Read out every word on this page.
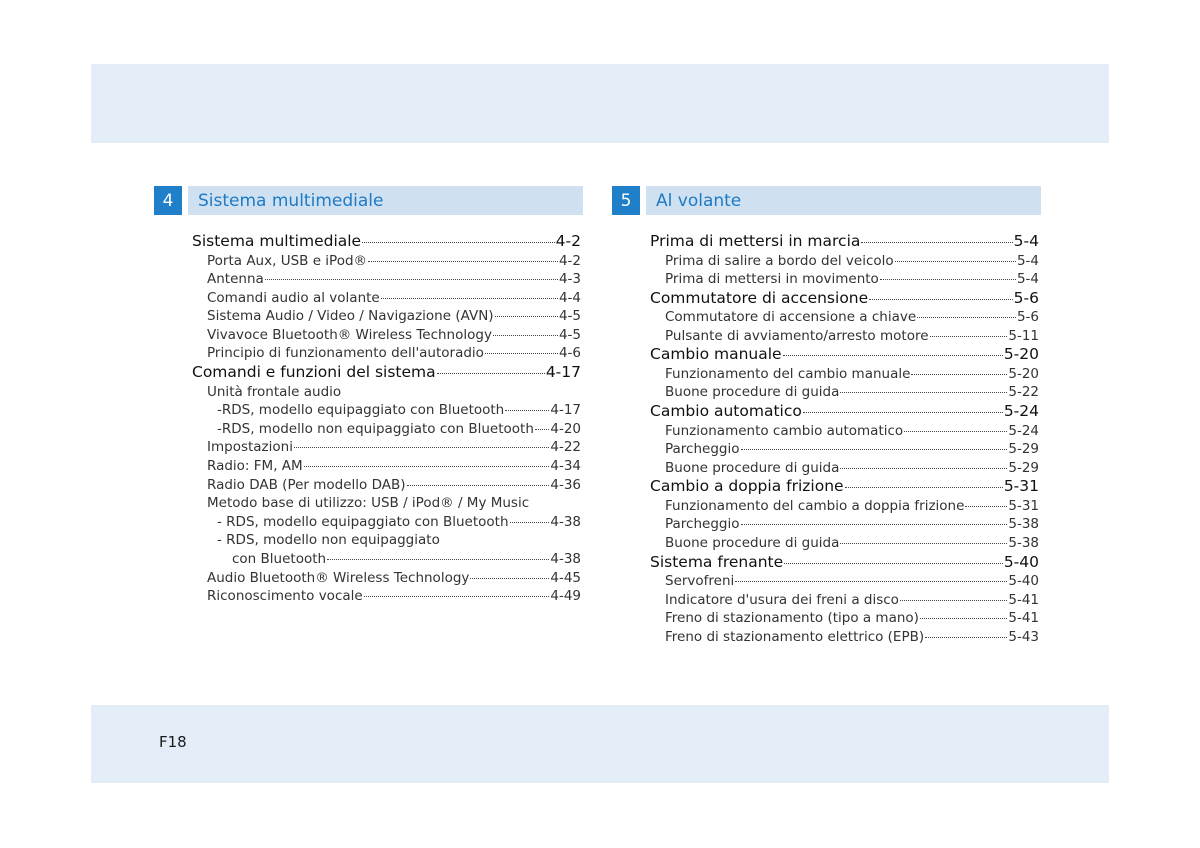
4	Sistema multimediale
Sistema multimediale	4-2
Porta Aux, USB e iPod®	4-2
Antenna	4-3
Comandi audio al volante	4-4
Sistema Audio / Video / Navigazione (AVN)	4-5
Vivavoce Bluetooth® Wireless Technology	4-5
Principio di funzionamento dell'autoradio	4-6
Comandi e funzioni del sistema	4-17
Unità frontale audio
-RDS, modello equipaggiato con Bluetooth	4-17
-RDS, modello non equipaggiato con Bluetooth 4-20
Impostazioni	4-22
Radio: FM, AM	4-34
Radio DAB (Per modello DAB)	4-36
Metodo base di utilizzo: USB / iPod® / My Music
- RDS, modello equipaggiato con Bluetooth	4-38
- RDS, modello non equipaggiato
con Bluetooth	4-38
Audio Bluetooth® Wireless Technology	4-45
Riconoscimento vocale	4-49
5	Al volante
Prima di mettersi in marcia	5-4
Prima di salire a bordo del veicolo	5-4
Prima di mettersi in movimento	5-4
Commutatore di accensione	5-6
Commutatore di accensione a chiave	5-6
Pulsante di avviamento/arresto motore	5-11
Cambio manuale	5-20
Funzionamento del cambio manuale	5-20
Buone procedure di guida	5-22
Cambio automatico	5-24
Funzionamento cambio automatico	5-24
Parcheggio	5-29
Buone procedure di guida	5-29
Cambio a doppia frizione	5-31
Funzionamento del cambio a doppia frizione	5-31
Parcheggio	5-38
Buone procedure di guida	5-38
Sistema frenante	5-40
Servofreni	5-40
Indicatore d'usura dei freni a disco	5-41
Freno di stazionamento (tipo a mano)	5-41
Freno di stazionamento elettrico (EPB)	5-43
F18
